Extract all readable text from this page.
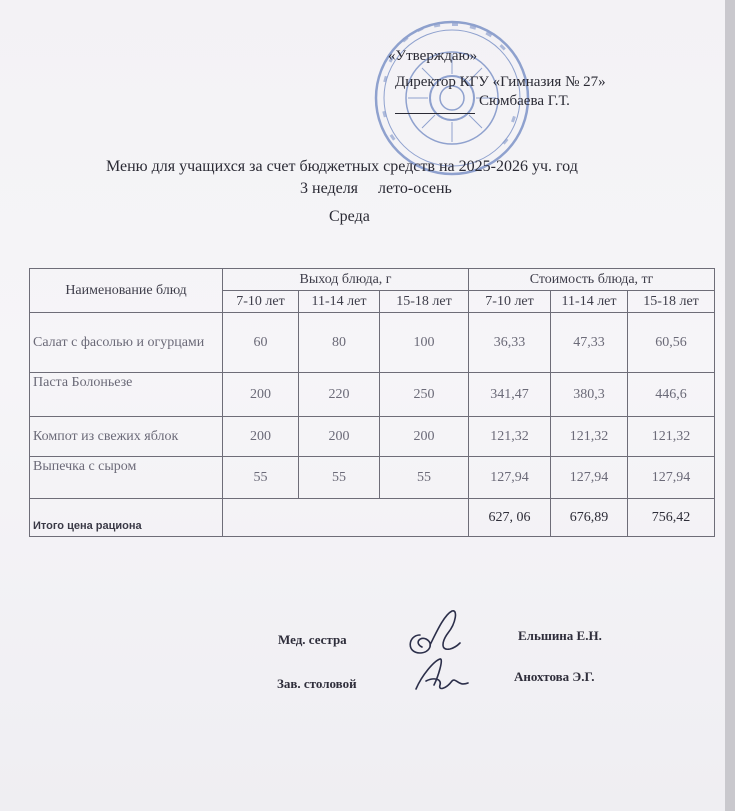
«Утверждаю»
Директор КГУ «Гимназия № 27»
Сюмбаева Г.Т.
Меню для учащихся за счет бюджетных средств на 2025-2026 уч. год
3 неделя лето-осень
Среда
Наименование блюд	Выход блюда, г			Стоимость блюда, тг		
	7-10 лет	11-14 лет	15-18 лет	7-10 лет	11-14 лет	15-18 лет
Салат с фасолью и огурцами	60	80	100	36,33	47,33	60,56
Паста Болоньезе	200	220	250	341,47	380,3	446,6
Компот из свежих яблок	200	200	200	121,32	121,32	121,32
Выпечка с сыром	55	55	55	127,94	127,94	127,94
Итого цена рациона				627, 06	676,89	756,42
Мед. сестра	Ельшина Е.Н.
Зав. столовой	Анохтова Э.Г.
